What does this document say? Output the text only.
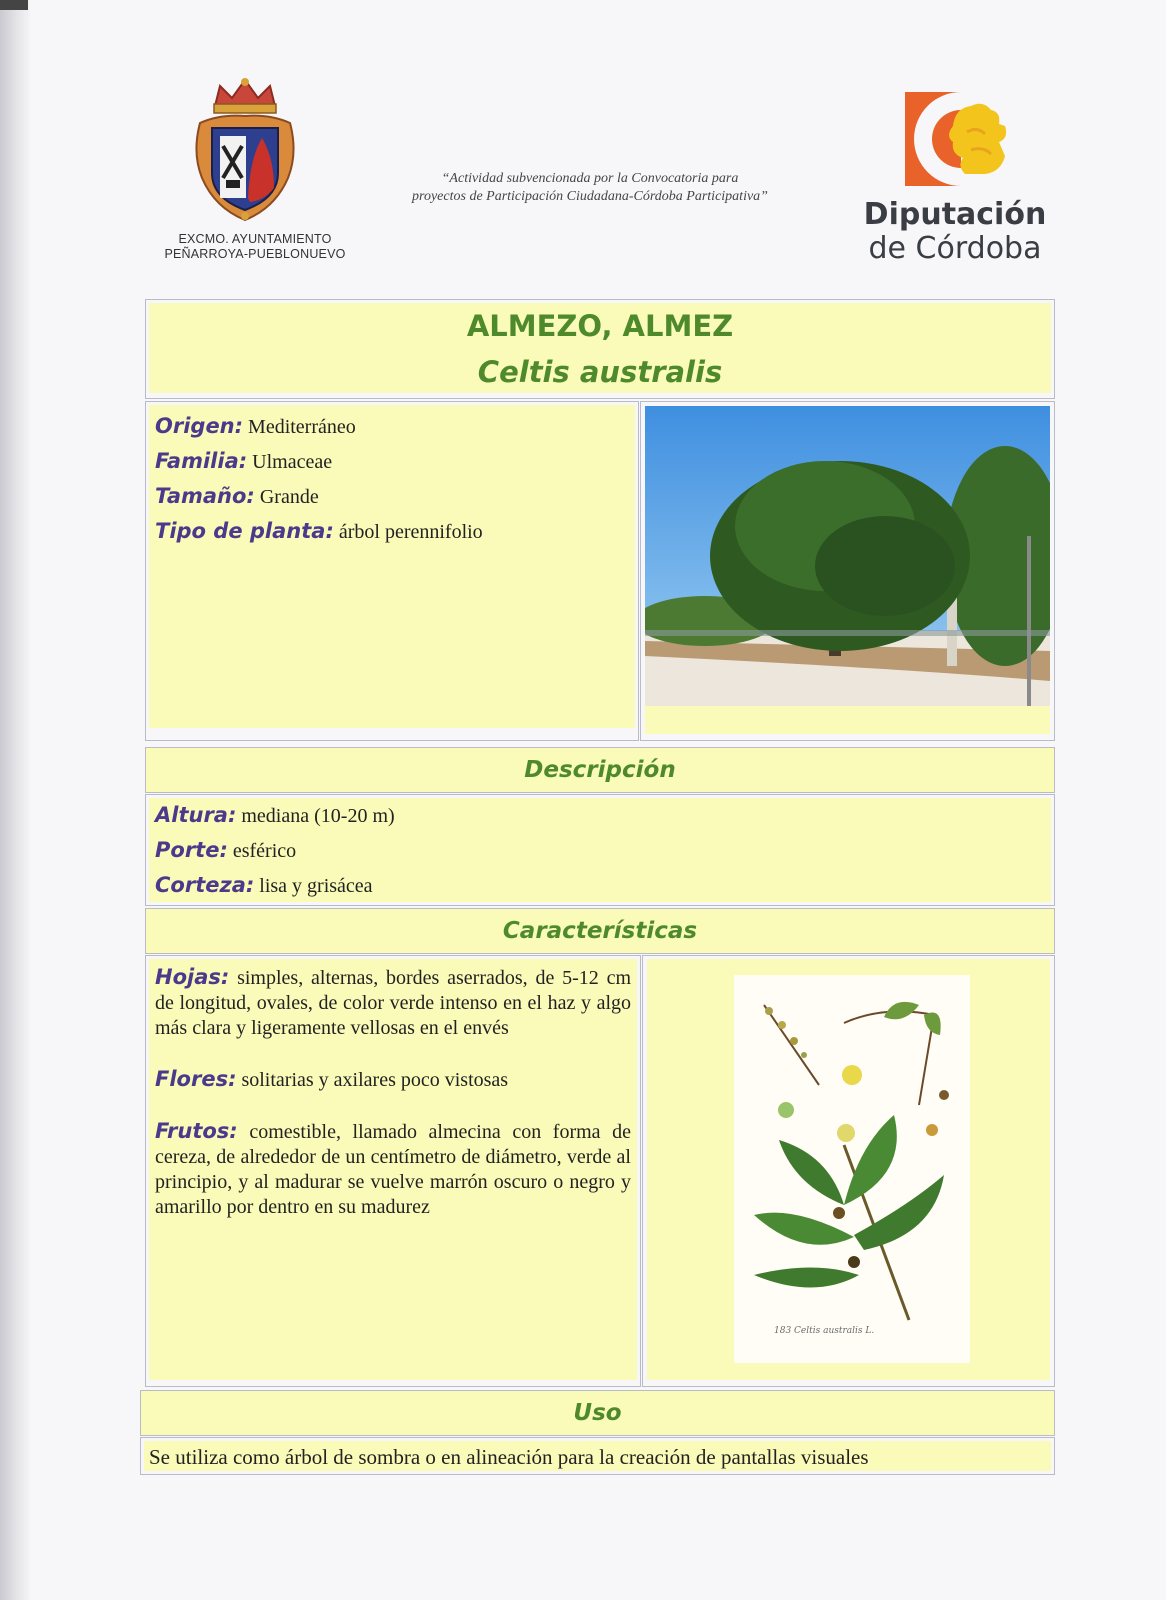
EXCMO. AYUNTAMIENTO
PEÑARROYA-PUEBLONUEVO
“Actividad subvencionada por la Convocatoria para
proyectos de Participación Ciudadana-Córdoba Participativa”
Diputación
de Córdoba
ALMEZO, ALMEZ
Celtis australis
Origen: Mediterráneo
Familia: Ulmaceae
Tamaño: Grande
Tipo de planta: árbol perennifolio
Descripción
Altura: mediana (10-20 m)
Porte: esférico
Corteza: lisa y grisácea
Características

Hojas: simples, alternas, bordes aserrados, de 5-12 cm de longitud, ovales, de color verde intenso en el haz y algo más clara y ligeramente vellosas en el envés

Flores: solitarias y axilares poco vistosas

Frutos: comestible, llamado almecina con forma de cereza, de alrededor de un centímetro de diámetro, verde al principio, y al madurar se vuelve marrón oscuro o negro y amarillo por dentro en su madurez

183 Celtis australis L.
Uso
Se utiliza como árbol de sombra o en alineación para la creación de pantallas visuales
